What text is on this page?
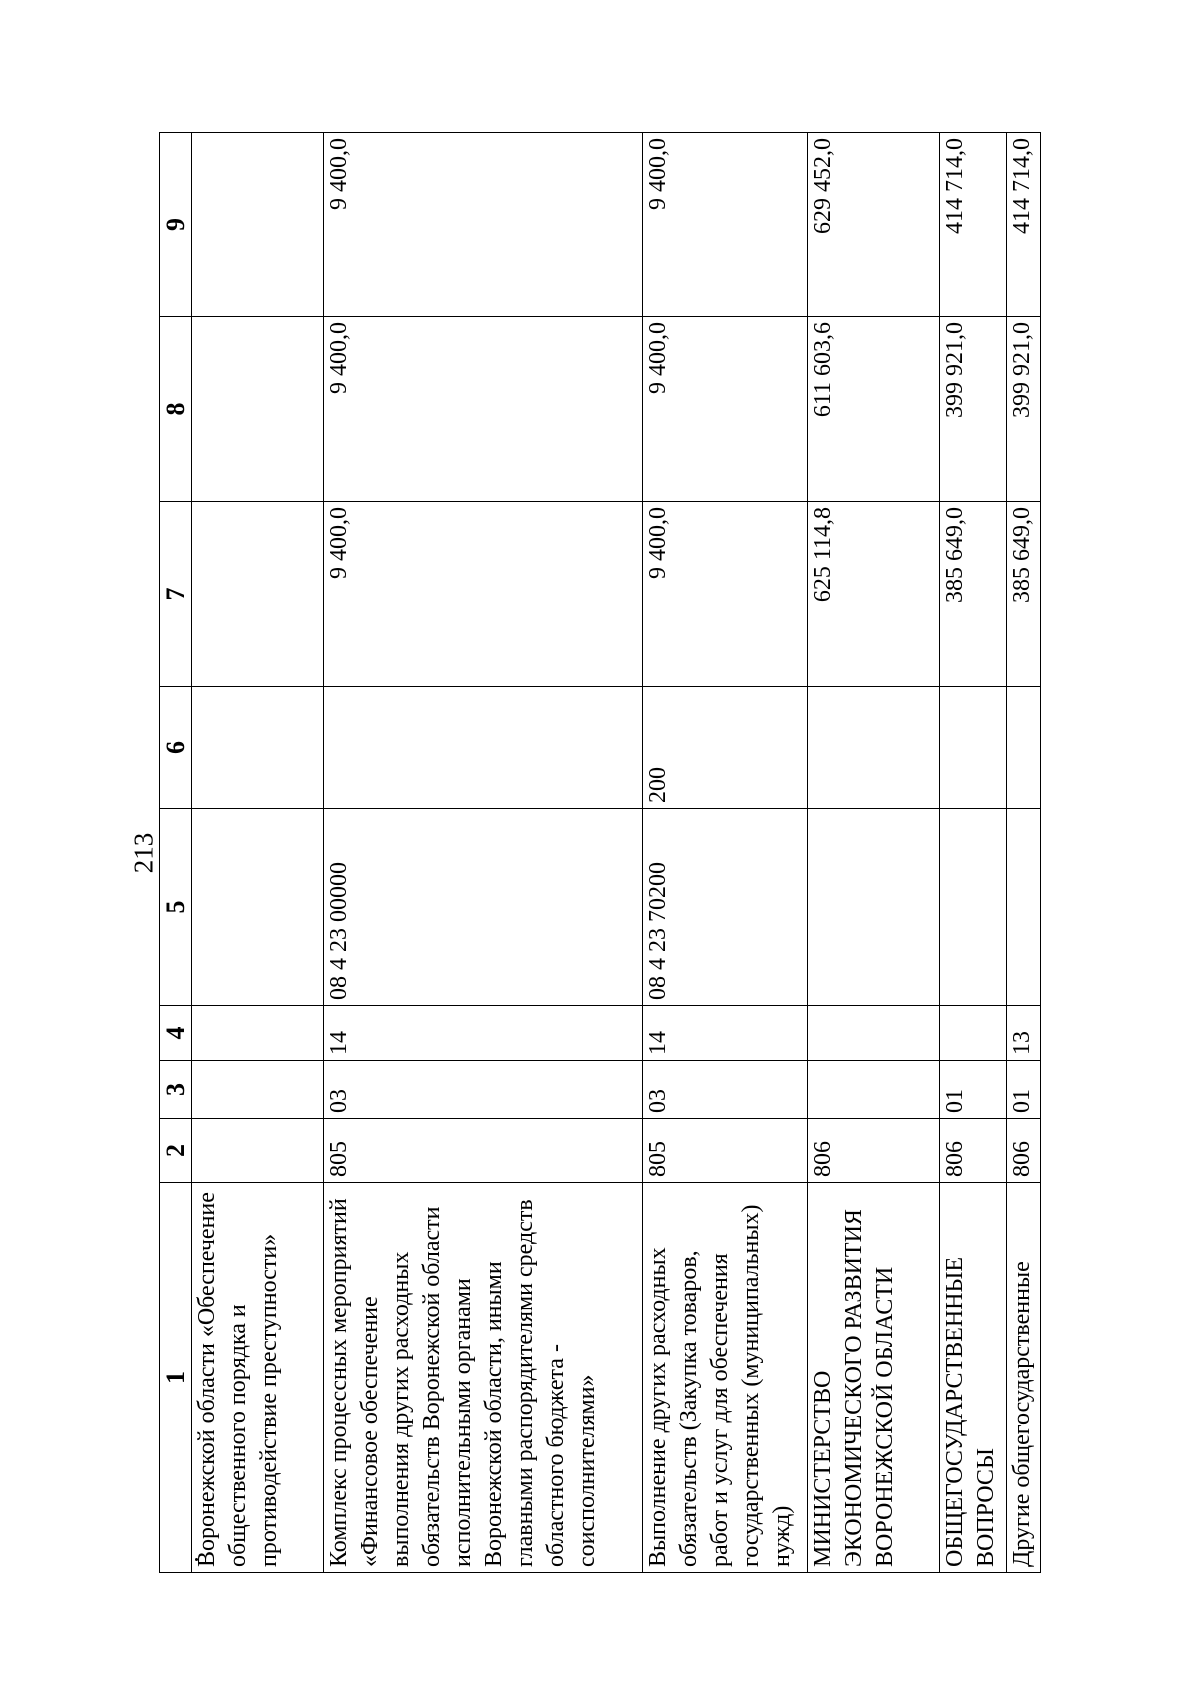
213
1	2	3	4	5	6	7	8	9
Воронежской области «Обеспечение общественного порядка и противодействие преступности»								
Комплекс процессных мероприятий «Финансовое обеспечение выполнения других расходных обязательств Воронежской области исполнительными органами Воронежской области, иными главными распорядителями средств областного бюджета - соисполнителями»	805	03	14	08 4 23 00000		9 400,0	9 400,0	9 400,0
Выполнение других расходных обязательств (Закупка товаров, работ и услуг для обеспечения государственных (муниципальных) нужд)	805	03	14	08 4 23 70200	200	9 400,0	9 400,0	9 400,0
МИНИСТЕРСТВО ЭКОНОМИЧЕСКОГО РАЗВИТИЯ ВОРОНЕЖСКОЙ ОБЛАСТИ	806					625 114,8	611 603,6	629 452,0
ОБЩЕГОСУДАРСТВЕННЫЕ ВОПРОСЫ	806	01				385 649,0	399 921,0	414 714,0
Другие общегосударственные	806	01	13			385 649,0	399 921,0	414 714,0
